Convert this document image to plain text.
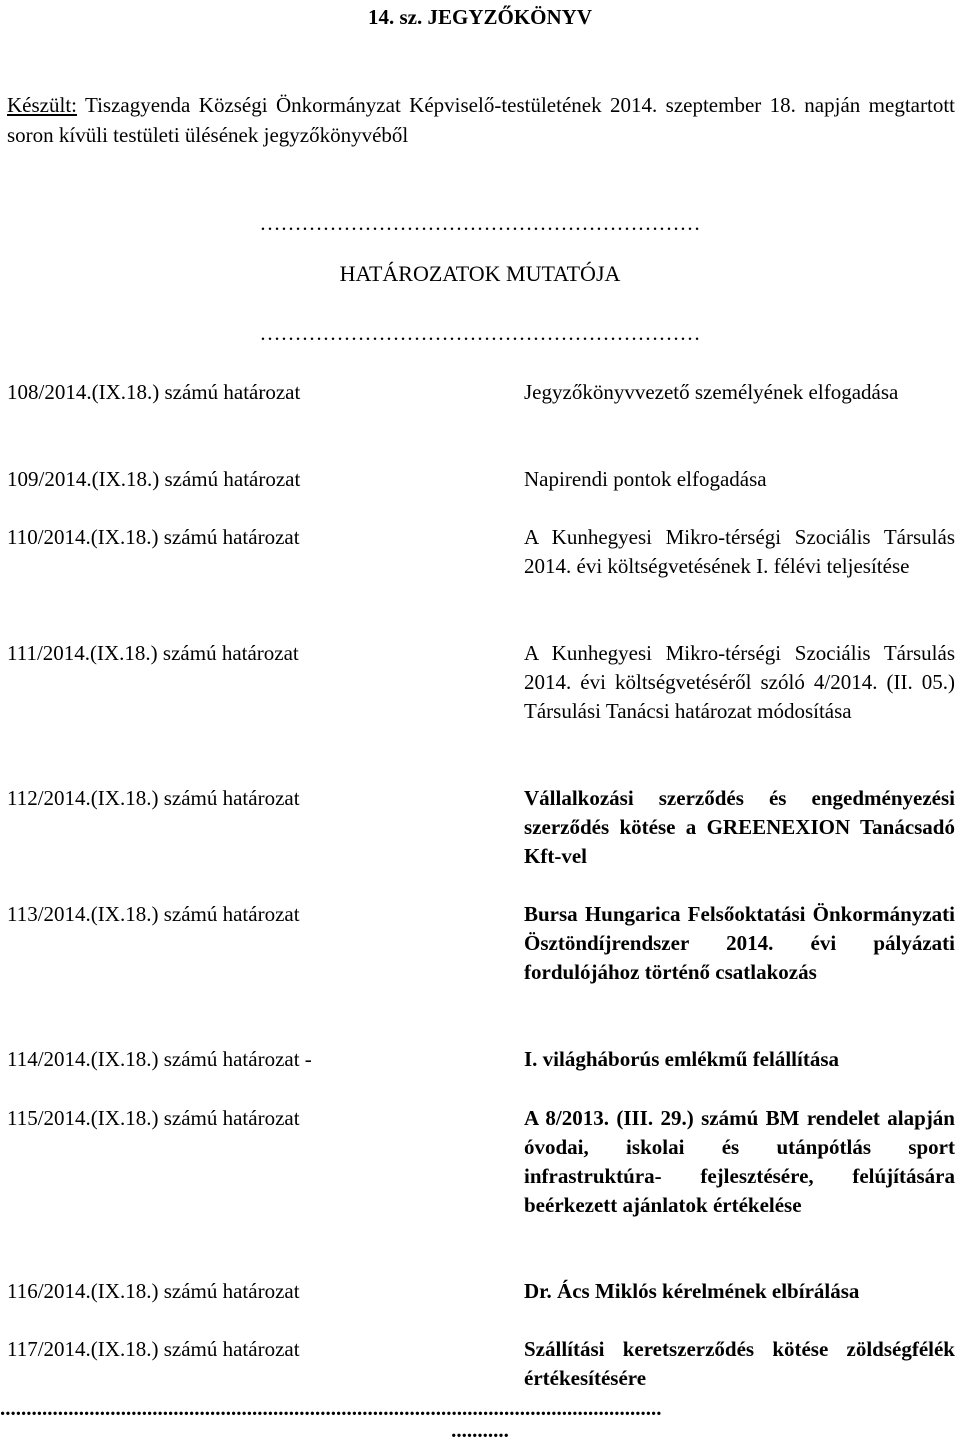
14. sz. JEGYZŐKÖNYV
Készült: Tiszagyenda Községi Önkormányzat Képviselő-testületének 2014. szeptember 18. napján megtartott soron kívüli testületi ülésének jegyzőkönyvéből
………………………………………………………
HATÁROZATOK MUTATÓJA
………………………………………………………
108/2014.(IX.18.) számú határozat	Jegyzőkönyvvezető személyének elfogadása
109/2014.(IX.18.) számú határozat	Napirendi pontok elfogadása
110/2014.(IX.18.) számú határozat	A Kunhegyesi Mikro-térségi Szociális Társulás 2014. évi költségvetésének I. félévi teljesítése
111/2014.(IX.18.) számú határozat	A Kunhegyesi Mikro-térségi Szociális Társulás 2014. évi költségvetéséről szóló 4/2014. (II. 05.) Társulási Tanácsi határozat módosítása
112/2014.(IX.18.) számú határozat	Vállalkozási szerződés és engedményezési szerződés kötése a GREENEXION Tanácsadó Kft-vel
113/2014.(IX.18.) számú határozat	Bursa Hungarica Felsőoktatási Önkormányzati Ösztöndíjrendszer 2014. évi pályázati fordulójához történő csatlakozás
114/2014.(IX.18.) számú határozat -	I. világháborús emlékmű felállítása
115/2014.(IX.18.) számú határozat	A 8/2013. (III. 29.) számú BM rendelet alapján óvodai, iskolai és utánpótlás sport infrastruktúra- fejlesztésére, felújítására beérkezett ajánlatok értékelése
116/2014.(IX.18.) számú határozat	Dr. Ács Miklós kérelmének elbírálása
117/2014.(IX.18.) számú határozat	Szállítási keretszerződés kötése zöldségfélék értékesítésére
..............................................................................................................................
...........
